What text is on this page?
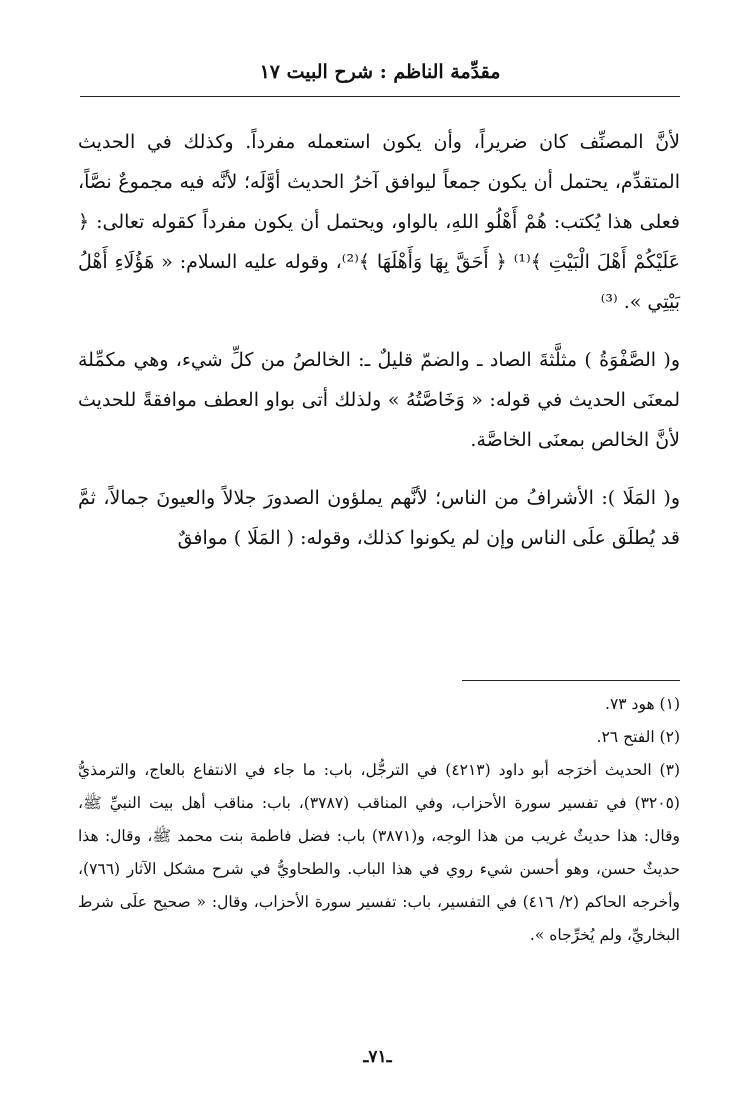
مقدِّمة الناظم : شرح البيت ١٧

لأنَّ المصنِّف كان ضريراً، وأن يكون استعمله مفرداً. وكذلك في الحديث المتقدِّم، يحتمل أن يكون جمعاً ليوافق آخرُ الحديث أوَّلَه؛ لأنَّه فيه مجموعٌ نصَّاً، فعلى هذا يُكتب: هُمْ أَهْلُو اللهِ، بالواو، ويحتمل أن يكون مفرداً كقوله تعالى: ﴿ عَلَيْكُمْ أَهْلَ الْبَيْتِ ﴾⁽¹⁾ ﴿ أَحَقَّ بِهَا وَأَهْلَهَا ﴾⁽²⁾، وقوله عليه السلام: « هَؤُلَاءِ أَهْلُ بَيْتِي ». ⁽³⁾

و( الصَّفْوَةُ ) مثلَّثةَ الصاد ـ والضمّ قليلٌ ـ: الخالصُ من كلِّ شيء، وهي مكمِّلة لمعنَى الحديث في قوله: « وَخَاصَّتُهُ » ولذلك أتى بواو العطف موافقةً للحديث لأنَّ الخالص بمعنَى الخاصَّة.

و( المَلَا ): الأشرافُ من الناس؛ لأنَّهم يملؤون الصدورَ جلالاً والعيونَ جمالاً، ثمَّ قد يُطلَق علَى الناس وإن لم يكونوا كذلك، وقوله: ( المَلَا ) موافقٌ

(١) هود ٧٣.

(٢) الفتح ٢٦.

(٣) الحديث أخرَجه أبو داود (٤٢١٣) في الترجُّل، باب: ما جاء في الانتفاع بالعاج، والترمذيُّ (٣٢٠٥) في تفسير سورة الأحزاب، وفي المناقب (٣٧٨٧)، باب: مناقب أهل بيت النبيِّ ﷺ، وقال: هذا حديثٌ غريب من هذا الوجه، و(٣٨٧١) باب: فضل فاطمة بنت محمد ﷺ، وقال: هذا حديثٌ حسن، وهو أحسن شيء روي في هذا الباب. والطحاويُّ في شرح مشكل الآثار (٧٦٦)، وأخرجه الحاكم (٢/ ٤١٦) في التفسير، باب: تفسير سورة الأحزاب، وقال: « صحيح علَى شرط البخاريِّ، ولم يُخرِّجاه ».

ـ٧١ـ
